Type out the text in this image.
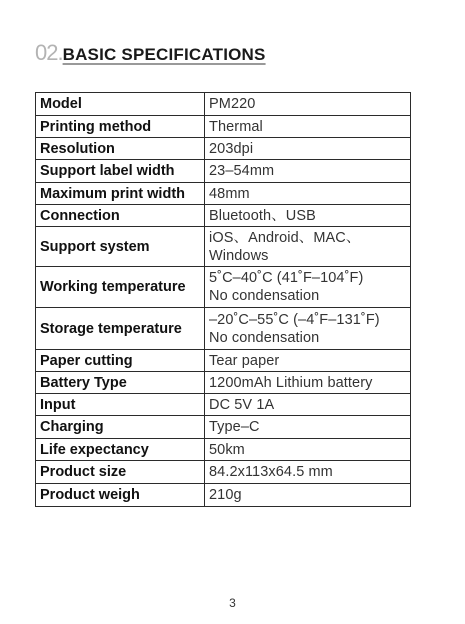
02.BASIC SPECIFICATIONS
Model	PM220
Printing method	Thermal
Resolution	203dpi
Support label width	23–54mm
Maximum print width	48mm
Connection	Bluetooth、USB
Support system	iOS、Android、MAC、
Windows
Working temperature	5˚C–40˚C (41˚F–104˚F)
No condensation
Storage temperature	–20˚C–55˚C (–4˚F–131˚F)
No condensation
Paper cutting	Tear paper
Battery Type	1200mAh Lithium battery
Input	DC 5V 1A
Charging	Type–C
Life expectancy	50km
Product size	84.2x113x64.5 mm
Product weigh	210g
3
